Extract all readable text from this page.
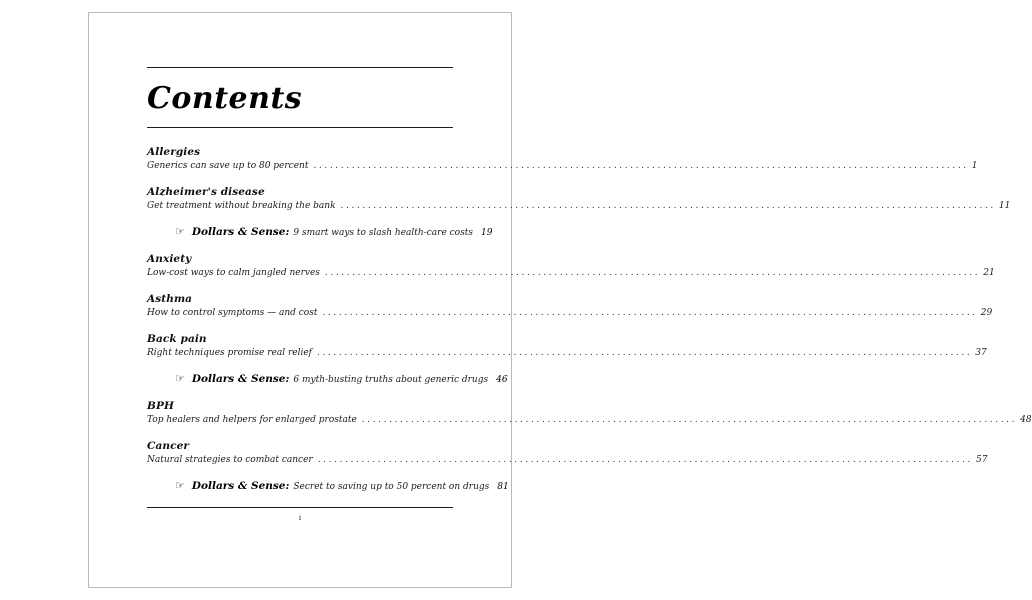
Contents
Allergies
Generics can save up to 80 percent ........................................................................................................................ 1
Alzheimer's disease
Get treatment without breaking the bank ........................................................................................................................ 11
☞ Dollars & Sense: 9 smart ways to slash health-care costs 19
Anxiety
Low-cost ways to calm jangled nerves ........................................................................................................................ 21
Asthma
How to control symptoms — and cost ........................................................................................................................ 29
Back pain
Right techniques promise real relief ........................................................................................................................ 37
☞ Dollars & Sense: 6 myth-busting truths about generic drugs 46
BPH
Top healers and helpers for enlarged prostate ........................................................................................................................ 48
Cancer
Natural strategies to combat cancer ........................................................................................................................ 57
☞ Dollars & Sense: Secret to saving up to 50 percent on drugs 81
i
